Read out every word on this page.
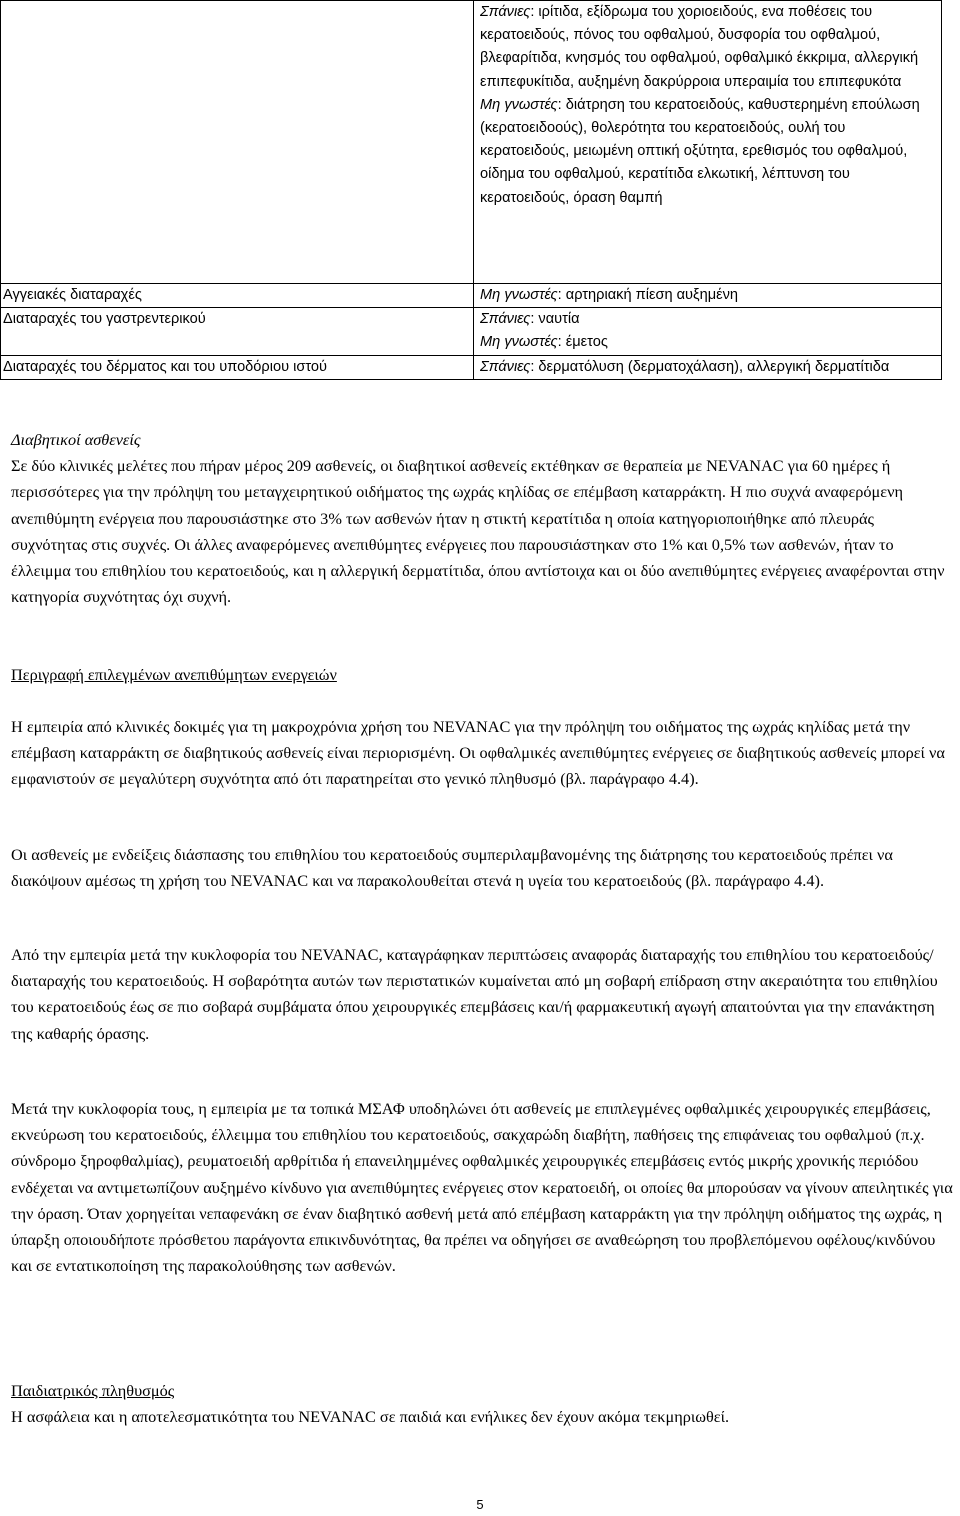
	Σπάνιες: ιρίτιδα, εξίδρωμα του χοριοειδούς, ενα ποθέσεις του κερατοειδούς, πόνος του οφθαλμού, δυσφορία του οφθαλμού, βλεφαρίτιδα, κνησμός του οφθαλμού, οφθαλμικό έκκριμα, αλλεργική επιπεφυκίτιδα, αυξημένη δακρύρροια υπεραιμία του επιπεφυκότα
Μη γνωστές: διάτρηση του κερατοειδούς, καθυστερημένη επούλωση (κερατοειδοούς), θολερότητα του κερατοειδούς, ουλή του κερατοειδούς, μειωμένη οπτική οξύτητα, ερεθισμός του οφθαλμού, οίδημα του οφθαλμού, κερατίτιδα ελκωτική, λέπτυνση του κερατοειδούς, όραση θαμπή
Αγγειακές διαταραχές	Μη γνωστές: αρτηριακή πίεση αυξημένη
Διαταραχές του γαστρεντερικού	Σπάνιες: ναυτία
Μη γνωστές: έμετος
Διαταραχές του δέρματος και του υποδόριου ιστού	Σπάνιες: δερματόλυση (δερματοχάλαση), αλλεργική δερματίτιδα
Διαβητικοί ασθενείς
Σε δύο κλινικές μελέτες που πήραν μέρος 209 ασθενείς, οι διαβητικοί ασθενείς εκτέθηκαν σε θεραπεία με NEVANAC για 60 ημέρες ή περισσότερες για την πρόληψη του μεταγχειρητικού οιδήματος της ωχράς κηλίδας σε επέμβαση καταρράκτη. Η πιο συχνά αναφερόμενη ανεπιθύμητη ενέργεια που παρουσιάστηκε στο 3% των ασθενών ήταν η στικτή κερατίτιδα η οποία κατηγοριοποιήθηκε από πλευράς συχνότητας στις συχνές. Οι άλλες αναφερόμενες ανεπιθύμητες ενέργειες που παρουσιάστηκαν στο 1% και 0,5% των ασθενών, ήταν το έλλειμμα του επιθηλίου του κερατοειδούς, και η αλλεργική δερματίτιδα, όπου αντίστοιχα και οι δύο ανεπιθύμητες ενέργειες αναφέρονται στην κατηγορία συχνότητας όχι συχνή.
Περιγραφή επιλεγμένων ανεπιθύμητων ενεργειών
Η εμπειρία από κλινικές δοκιμές για τη μακροχρόνια χρήση του NEVANAC για την πρόληψη του οιδήματος της ωχράς κηλίδας μετά την επέμβαση καταρράκτη σε διαβητικούς ασθενείς είναι περιορισμένη. Οι οφθαλμικές ανεπιθύμητες ενέργειες σε διαβητικούς ασθενείς μπορεί να εμφανιστούν σε μεγαλύτερη συχνότητα από ότι παρατηρείται στο γενικό πληθυσμό (βλ. παράγραφο 4.4).
Οι ασθενείς με ενδείξεις διάσπασης του επιθηλίου του κερατοειδούς συμπεριλαμβανομένης της διάτρησης του κερατοειδούς πρέπει να διακόψουν αμέσως τη χρήση του NEVANAC και να παρακολουθείται στενά η υγεία του κερατοειδούς (βλ. παράγραφο 4.4).
Από την εμπειρία μετά την κυκλοφορία του NEVANAC, καταγράφηκαν περιπτώσεις αναφοράς διαταραχής του επιθηλίου του κερατοειδούς/ διαταραχής του κερατοειδούς. Η σοβαρότητα αυτών των περιστατικών κυμαίνεται από μη σοβαρή επίδραση στην ακεραιότητα του επιθηλίου του κερατοειδούς έως σε πιο σοβαρά συμβάματα όπου χειρουργικές επεμβάσεις και/ή φαρμακευτική αγωγή απαιτούνται για την επανάκτηση της καθαρής όρασης.
Μετά την κυκλοφορία τους, η εμπειρία με τα τοπικά ΜΣΑΦ υποδηλώνει ότι ασθενείς με επιπλεγμένες οφθαλμικές χειρουργικές επεμβάσεις, εκνεύρωση του κερατοειδούς, έλλειμμα του επιθηλίου του κερατοειδούς, σακχαρώδη διαβήτη, παθήσεις της επιφάνειας του οφθαλμού (π.χ. σύνδρομο ξηροφθαλμίας), ρευματοειδή αρθρίτιδα ή επανειλημμένες οφθαλμικές χειρουργικές επεμβάσεις εντός μικρής χρονικής περιόδου ενδέχεται να αντιμετωπίζουν αυξημένο κίνδυνο για ανεπιθύμητες ενέργειες στον κερατοειδή, οι οποίες θα μπορούσαν να γίνουν απειλητικές για την όραση. Όταν χορηγείται νεπαφενάκη σε έναν διαβητικό ασθενή μετά από επέμβαση καταρράκτη για την πρόληψη οιδήματος της ωχράς, η ύπαρξη οποιουδήποτε πρόσθετου παράγοντα επικινδυνότητας, θα πρέπει να οδηγήσει σε αναθεώρηση του προβλεπόμενου οφέλους/κινδύνου και σε εντατικοποίηση της παρακολούθησης των ασθενών.
Παιδιατρικός πληθυσμός
Η ασφάλεια και η αποτελεσματικότητα του NEVANAC σε παιδιά και ενήλικες δεν έχουν ακόμα τεκμηριωθεί.
5
